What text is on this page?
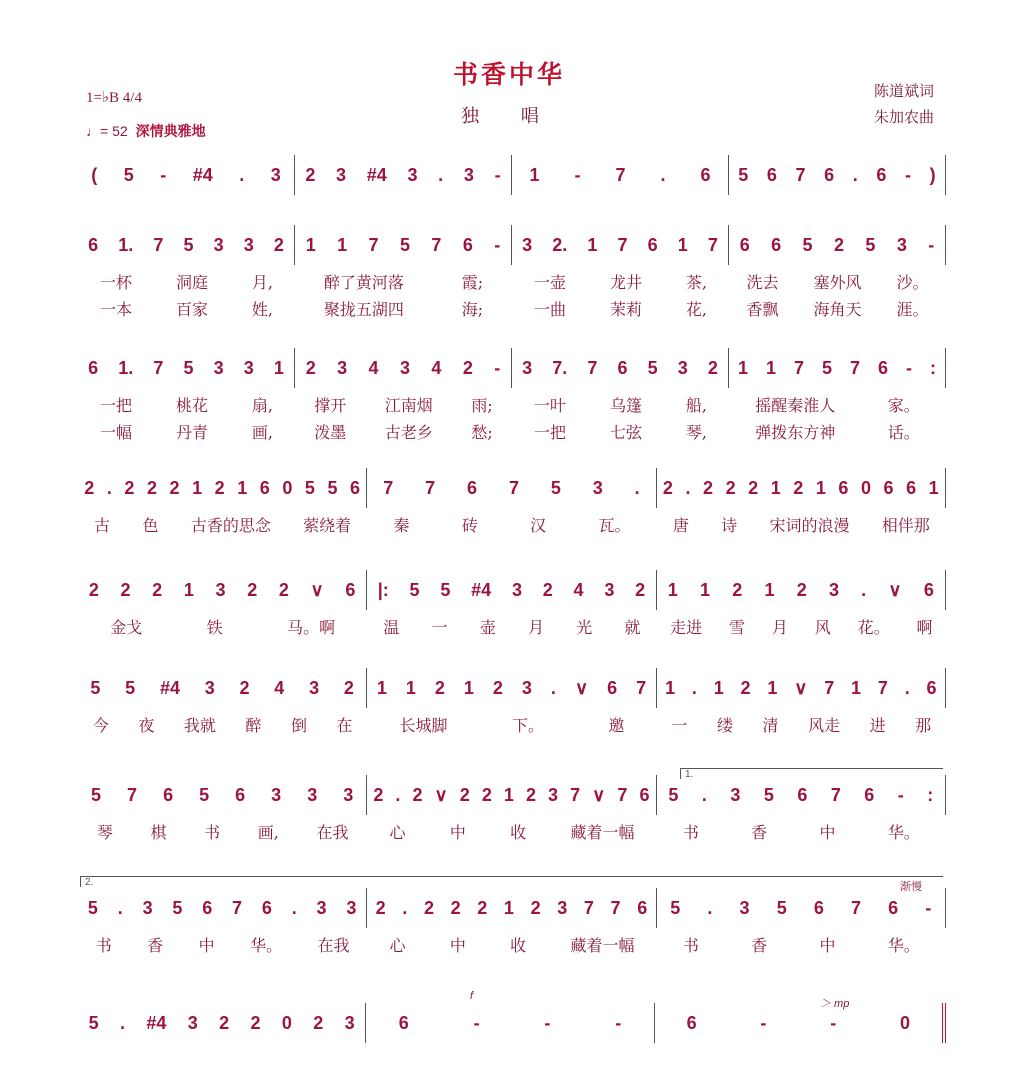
书香中华
独 唱
1=♭B 4/4
♩= 52 深情典雅地
陈道斌词
朱加农曲
1.
2.	渐慢
f
＞ mp
( 5 - #4 . 3 2 3 #4 3 . 3 - 1 - 7 . 6 5 6 7 6 . 6 - )
6 1. 7 5 3 3 2 1 1 7 5 7 6 - 3 2. 1 7 6 1 7 6 6 5 2 5 3 -
一杯	洞庭	月,	醉了黄河落	霞;	一壶	龙井	茶, 洗去 塞外风 沙。
一本	百家	姓,	聚拢五湖四	海;	一曲	茉莉	花, 香飘 海角天 涯。
6 1. 7 5 3 3 1 2 3 4 3 4 2 - 3 7. 7 6 5 3 2 1 1 7 5 7 6 - :
一把	桃花	扇,	撑开 江南烟 雨;	一叶	乌篷	船,	摇醒秦淮人	家。
一幅	丹青	画,	泼墨 古老乡 愁;	一把	七弦	琴,	弹拨东方神	话。
2 . 2 2 2 1 2 1 6 0 5 5 6 7 7 6 7 5 3 . 2 . 2 2 2 1 2 1 6 0 6 6 1
古 色 古香的思念 萦绕着	秦	砖	汉	瓦。	唐 诗 宋词的浪漫 相伴那
2 2 2 1 3 2 2 ∨ 6 |: 5 5 #4 3 2 4 3 2 1 1 2 1 2 3 . ∨ 6
金戈	铁	马。啊	温 一 壶 月 光 就 走进 雪 月 风 花。 啊
5 5 #4 3 2 4 3 2 1 1 2 1 2 3 . ∨ 6 7 1 . 1 2 1 ∨ 7 1 7 . 6
今 夜 我就 醉 倒 在	长城脚	下。	邀	一 缕 清 风走 进 那
5 7 6 5 6 3 3 3 2 . 2 ∨ 2 2 1 2 3 7 ∨ 7 6 5 . 3 5 6 7 6 - :
琴 棋 书 画, 在我	心	中	收	藏着一幅	书	香	中	华。
5 . 3 5 6 7 6 . 3 3 2 . 2 2 2 1 2 3 7 7 6 5 . 3 5 6 7 6 -
书 香 中 华。 在我 心	中	收	藏着一幅	书	香	中	华。
5 . #4 3 2 2 0 2 3 6	-	-	-	6	-	-	0
